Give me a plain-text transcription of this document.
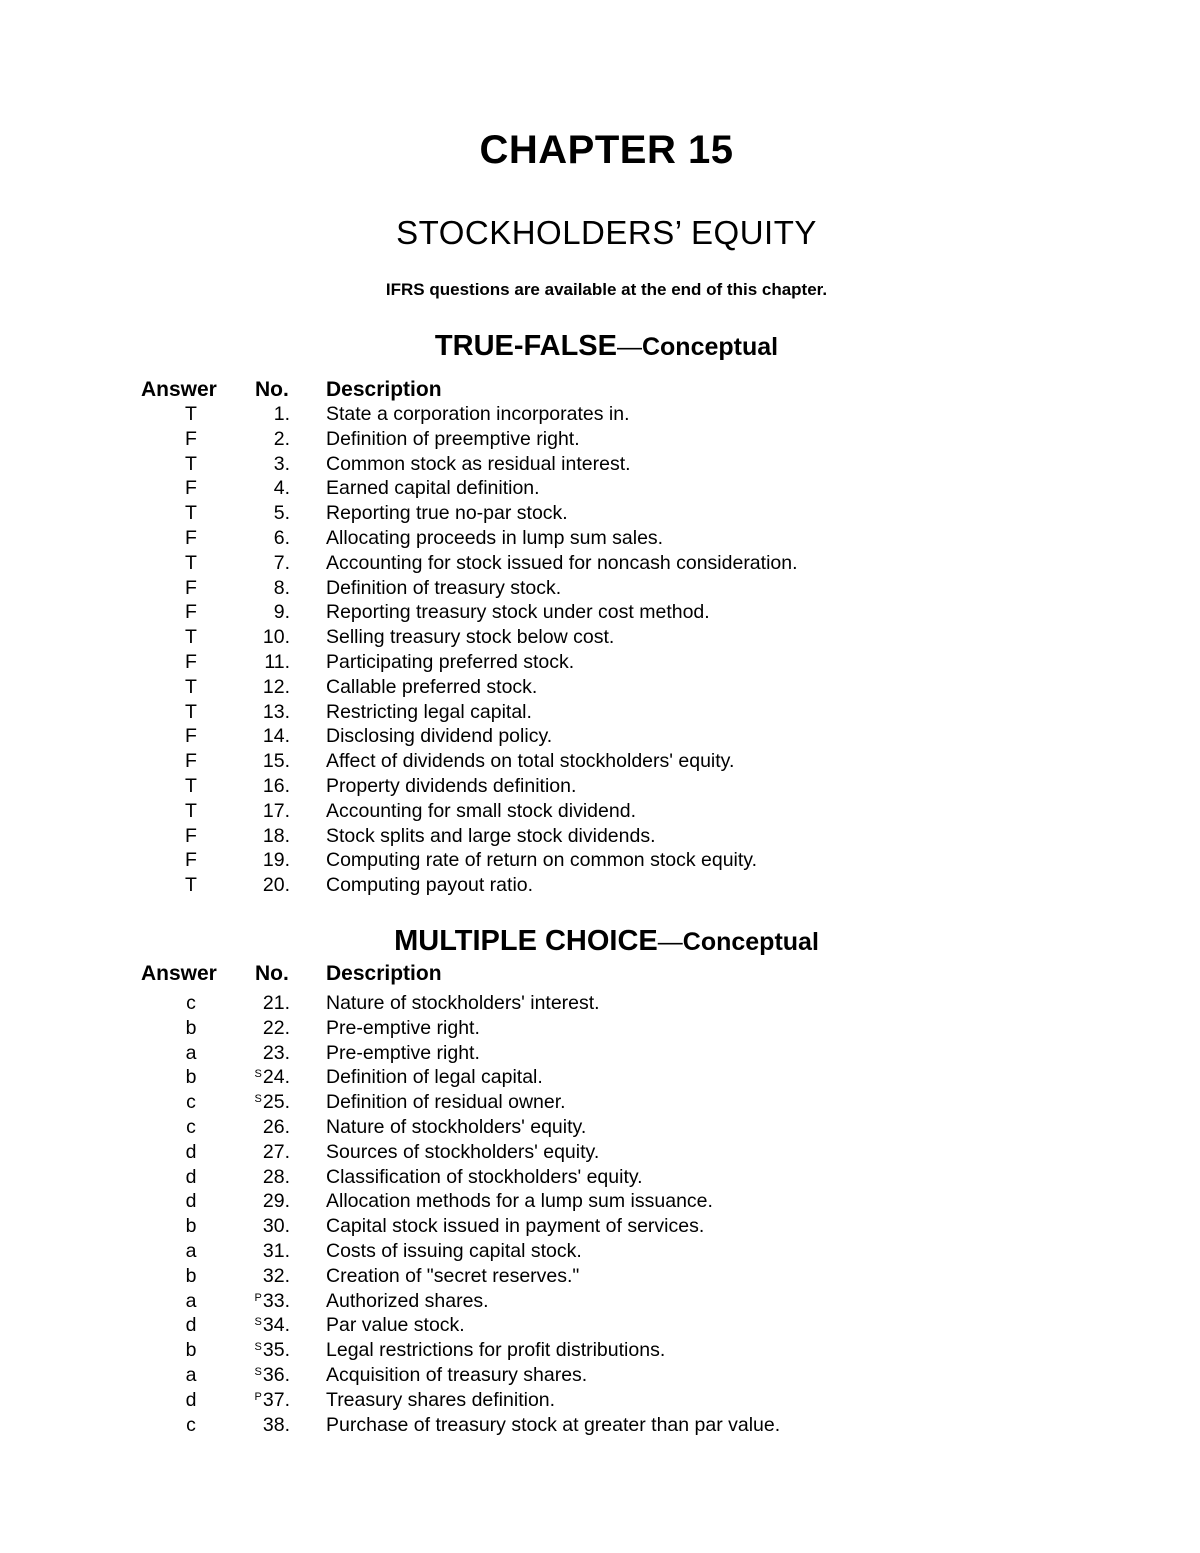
CHAPTER 15
STOCKHOLDERS’ EQUITY
IFRS questions are available at the end of this chapter.
TRUE-FALSE—Conceptual
Answer	No. Description
T	1. State a corporation incorporates in.
F	2. Definition of preemptive right.
T	3. Common stock as residual interest.
F	4. Earned capital definition.
T	5. Reporting true no-par stock.
F	6. Allocating proceeds in lump sum sales.
T	7. Accounting for stock issued for noncash consideration.
F	8. Definition of treasury stock.
F	9. Reporting treasury stock under cost method.
T	10. Selling treasury stock below cost.
F	11. Participating preferred stock.
T	12. Callable preferred stock.
T	13. Restricting legal capital.
F	14. Disclosing dividend policy.
F	15. Affect of dividends on total stockholders' equity.
T	16. Property dividends definition.
T	17. Accounting for small stock dividend.
F	18. Stock splits and large stock dividends.
F	19. Computing rate of return on common stock equity.
T	20. Computing payout ratio.
MULTIPLE CHOICE—Conceptual
Answer	No. Description
c	21. Nature of stockholders' interest.
b	22. Pre-emptive right.
a	23. Pre-emptive right.
b	$^S$24. Definition of legal capital.
c	$^S$25. Definition of residual owner.
c	26. Nature of stockholders' equity.
d	27. Sources of stockholders' equity.
d	28. Classification of stockholders' equity.
d	29. Allocation methods for a lump sum issuance.
b	30. Capital stock issued in payment of services.
a	31. Costs of issuing capital stock.
b	32. Creation of "secret reserves."
a	$^P$33. Authorized shares.
d	$^S$34. Par value stock.
b	$^S$35. Legal restrictions for profit distributions.
a	$^S$36. Acquisition of treasury shares.
d	$^P$37. Treasury shares definition.
c	38. Purchase of treasury stock at greater than par value.
